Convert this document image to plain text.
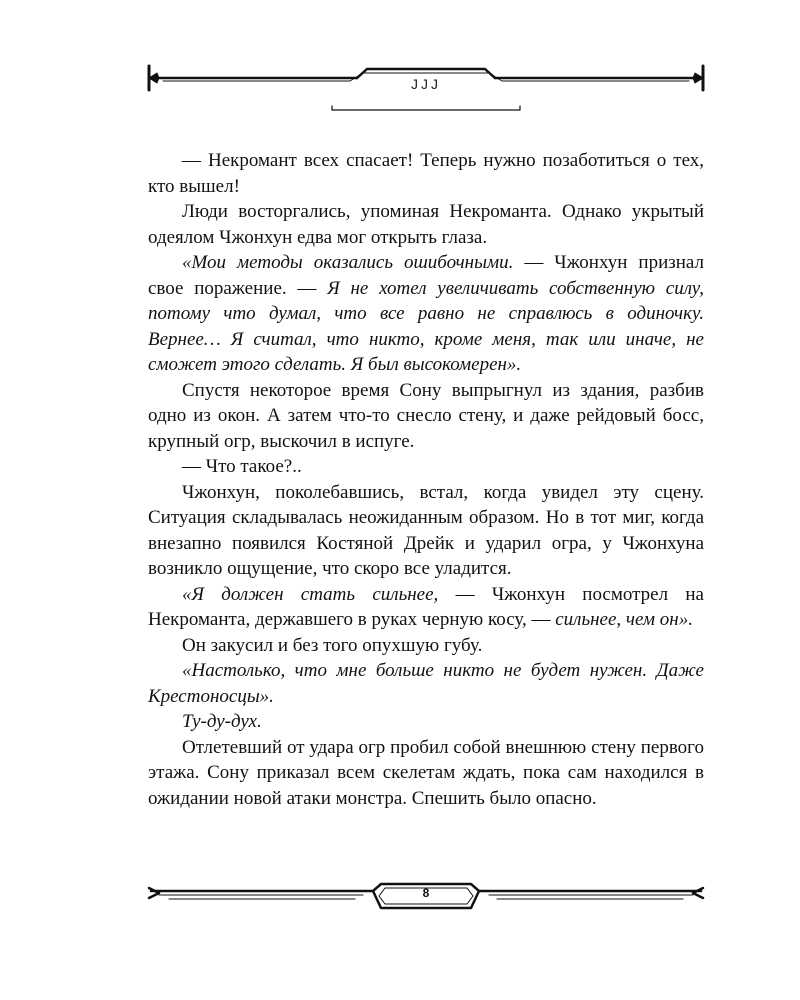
JJJ

— Некромант всех спасает! Теперь нужно позаботиться о тех, кто вышел!

Люди восторгались, упоминая Некроманта. Однако укрытый одеялом Чжонхун едва мог открыть глаза.

«Мои методы оказались ошибочными. — Чжонхун признал свое поражение. — Я не хотел увеличивать собственную силу, потому что думал, что все равно не справлюсь в одиночку. Вернее… Я считал, что никто, кроме меня, так или иначе, не сможет этого сделать. Я был высокомерен».

Спустя некоторое время Сону выпрыгнул из здания, разбив одно из окон. А затем что-то снесло стену, и даже рейдовый босс, крупный огр, выскочил в испуге.

— Что такое?..

Чжонхун, поколебавшись, встал, когда увидел эту сцену. Ситуация складывалась неожиданным образом. Но в тот миг, когда внезапно появился Костяной Дрейк и ударил огра, у Чжонхуна возникло ощущение, что скоро все уладится.

«Я должен стать сильнее, — Чжонхун посмотрел на Некроманта, державшего в руках черную косу, — сильнее, чем он».

Он закусил и без того опухшую губу.

«Настолько, что мне больше никто не будет нужен. Даже Крестоносцы».

Ту-ду-дух.

Отлетевший от удара огр пробил собой внешнюю стену первого этажа. Сону приказал всем скелетам ждать, пока сам находился в ожидании новой атаки монстра. Спешить было опасно.

8
